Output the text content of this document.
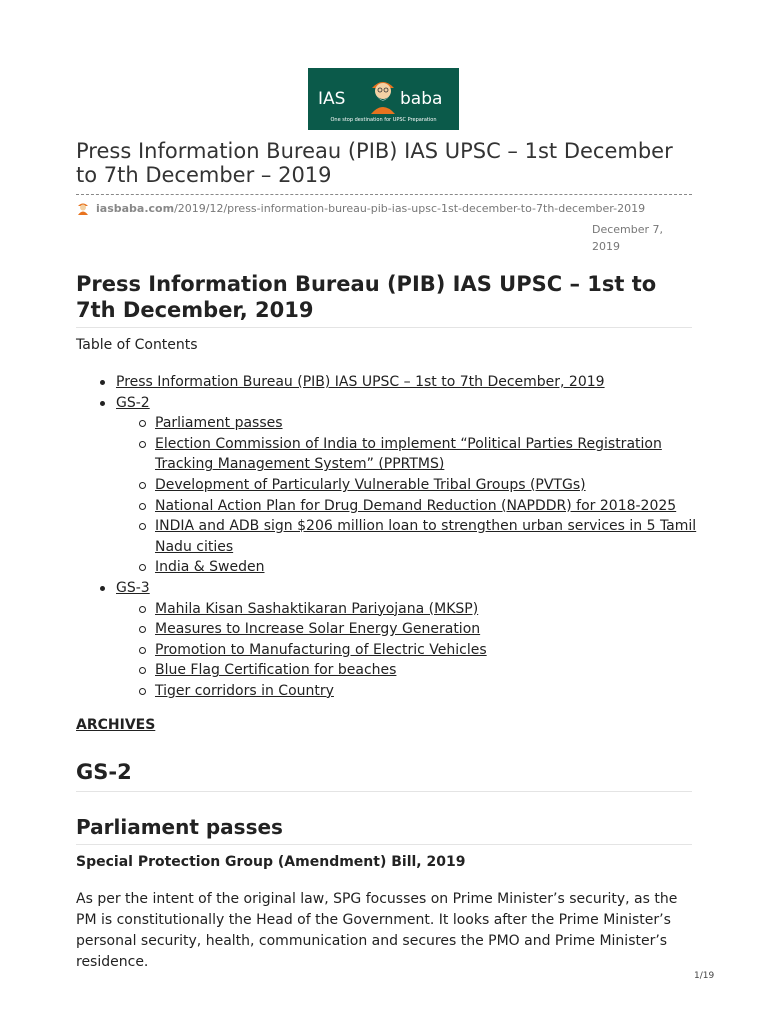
IAS	baba
One stop destination for UPSC Preparation
Press Information Bureau (PIB) IAS UPSC – 1st December to 7th December – 2019
iasbaba.com /2019/12/press-information-bureau-pib-ias-upsc-1st-december-to-7th-december-2019
December 7, 2019
Press Information Bureau (PIB) IAS UPSC – 1st to 7th December, 2019
Table of Contents
Press Information Bureau (PIB) IAS UPSC – 1st to 7th December, 2019
GS-2
Parliament passes
Election Commission of India to implement “Political Parties Registration Tracking Management System” (PPRTMS)
Development of Particularly Vulnerable Tribal Groups (PVTGs)
National Action Plan for Drug Demand Reduction (NAPDDR) for 2018-2025
INDIA and ADB sign $206 million loan to strengthen urban services in 5 Tamil Nadu cities
India & Sweden
GS-3
Mahila Kisan Sashaktikaran Pariyojana (MKSP)
Measures to Increase Solar Energy Generation
Promotion to Manufacturing of Electric Vehicles
Blue Flag Certification for beaches
Tiger corridors in Country
ARCHIVES
GS-2
Parliament passes
Special Protection Group (Amendment) Bill, 2019

As per the intent of the original law, SPG focusses on Prime Minister’s security, as the PM is constitutionally the Head of the Government. It looks after the Prime Minister’s personal security, health, communication and secures the PMO and Prime Minister’s residence.

1/19
